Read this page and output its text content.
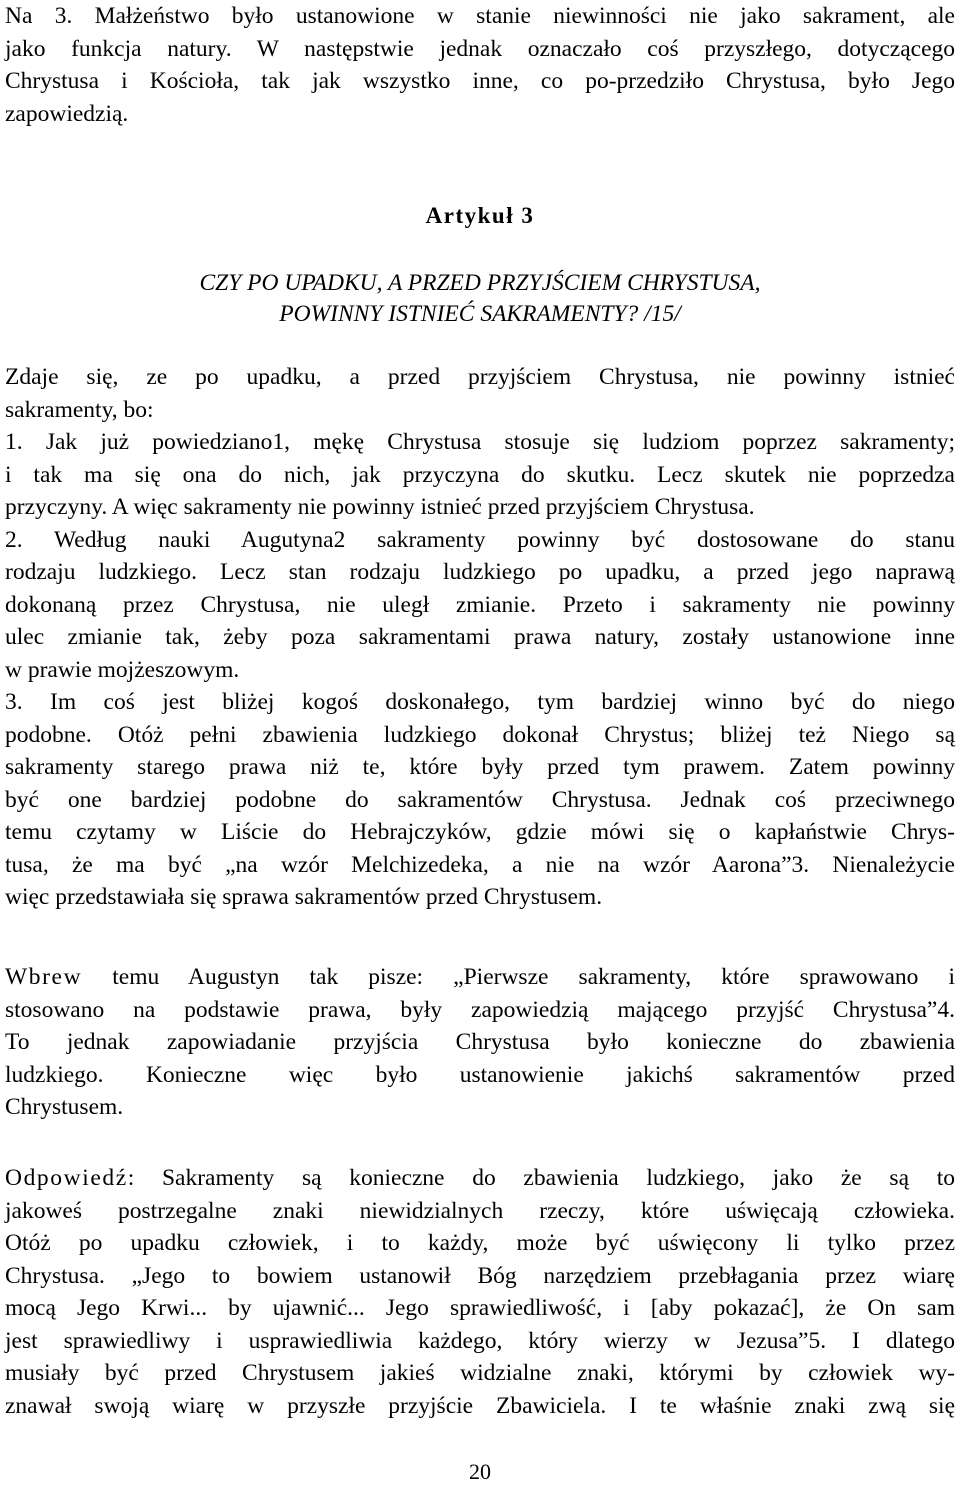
Na 3. Małżeństwo było ustanowione w stanie niewinności nie jako sakrament, ale
jako funkcja natury. W następstwie jednak oznaczało coś przyszłego, dotyczącego
Chrystusa i Kościoła, tak jak wszystko inne, co po-przedziło Chrystusa, było Jego
zapowiedzią.

Artykuł 3

CZY PO UPADKU, A PRZED PRZYJŚCIEM CHRYSTUSA,
POWINNY ISTNIEĆ SAKRAMENTY? /15/

Zdaje się, ze po upadku, a przed przyjściem Chrystusa, nie powinny istnieć
sakramenty, bo:
1. Jak już powiedziano1, mękę Chrystusa stosuje się ludziom poprzez sakramenty;
i tak ma się ona do nich, jak przyczyna do skutku. Lecz skutek nie poprzedza
przyczyny. A więc sakramenty nie powinny istnieć przed przyjściem Chrystusa.
2. Według nauki Augutyna2 sakramenty powinny być dostosowane do stanu
rodzaju ludzkiego. Lecz stan rodzaju ludzkiego po upadku, a przed jego naprawą
dokonaną przez Chrystusa, nie uległ zmianie. Przeto i sakramenty nie powinny
ulec zmianie tak, żeby poza sakramentami prawa natury, zostały ustanowione inne
w prawie mojżeszowym.
3. Im coś jest bliżej kogoś doskonałego, tym bardziej winno być do niego
podobne. Otóż pełni zbawienia ludzkiego dokonał Chrystus; bliżej też Niego są
sakramenty starego prawa niż te, które były przed tym prawem. Zatem powinny
być one bardziej podobne do sakramentów Chrystusa. Jednak coś przeciwnego
temu czytamy w Liście do Hebrajczyków, gdzie mówi się o kapłaństwie Chrys-
tusa, że ma być „na wzór Melchizedeka, a nie na wzór Aarona”3. Nienależycie
więc przedstawiała się sprawa sakramentów przed Chrystusem.

Wbrew temu Augustyn tak pisze: „Pierwsze sakramenty, które sprawowano i
stosowano na podstawie prawa, były zapowiedzią mającego przyjść Chrystusa”4.
To jednak zapowiadanie przyjścia Chrystusa było konieczne do zbawienia
ludzkiego. Konieczne więc było ustanowienie jakichś sakramentów przed
Chrystusem.

Odpowiedź: Sakramenty są konieczne do zbawienia ludzkiego, jako że są to
jakoweś postrzegalne znaki niewidzialnych rzeczy, które uświęcają człowieka.
Otóż po upadku człowiek, i to każdy, może być uświęcony li tylko przez
Chrystusa. „Jego to bowiem ustanowił Bóg narzędziem przebłagania przez wiarę
mocą Jego Krwi... by ujawnić... Jego sprawiedliwość, i [aby pokazać], że On sam
jest sprawiedliwy i usprawiedliwia każdego, który wierzy w Jezusa”5. I dlatego
musiały być przed Chrystusem jakieś widzialne znaki, którymi by człowiek wy-
znawał swoją wiarę w przyszłe przyjście Zbawiciela. I te właśnie znaki zwą się

20
